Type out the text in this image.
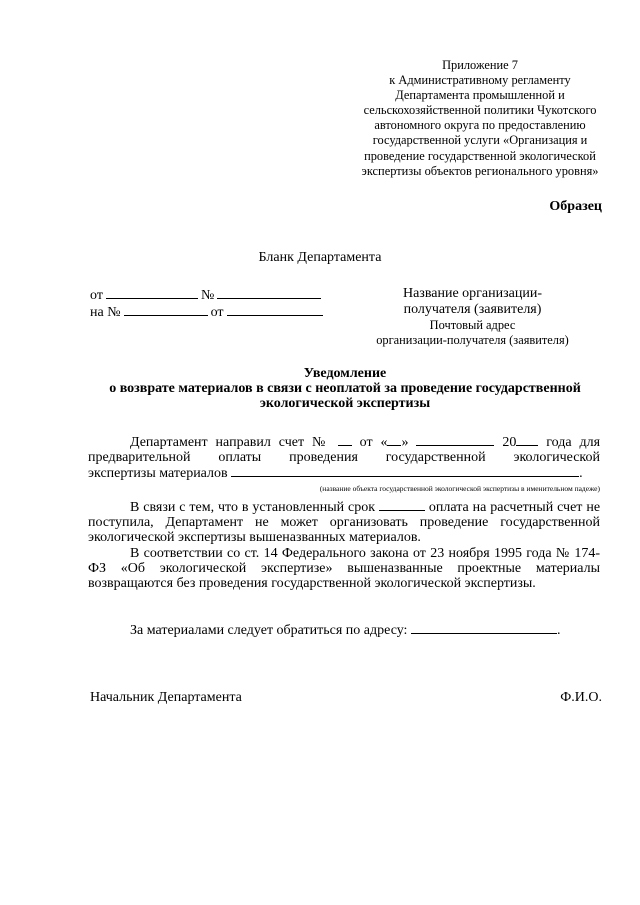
Приложение 7
к Административному регламенту
Департамента промышленной и
сельскохозяйственной политики Чукотского
автономного округа по предоставлению
государственной услуги «Организация и
проведение государственной экологической
экспертизы объектов регионального уровня»
Образец
Бланк Департамента
от	№
на №	от
Название организации-
получателя (заявителя)
Почтовый адрес
организации-получателя (заявителя)
Уведомление
о возврате материалов в связи с неоплатой за проведение государственной
экологической экспертизы

Департамент направил счет № от « »	20 года для

предварительной оплаты проведения государственной экологической

экспертизы материалов	.

(название объекта государственной экологической экспертизы в именительном падеже)

В связи с тем, что в установленный срок	оплата на расчетный счет не поступила, Департамент не может организовать проведение государственной экологической экспертизы вышеназванных материалов.

В соответствии со ст. 14 Федерального закона от 23 ноября 1995 года № 174-ФЗ «Об экологической экспертизе» вышеназванные проектные материалы возвращаются без проведения государственной экологической экспертизы.

За материалами следует обратиться по адресу:	.

Начальник Департамента	Ф.И.О.
